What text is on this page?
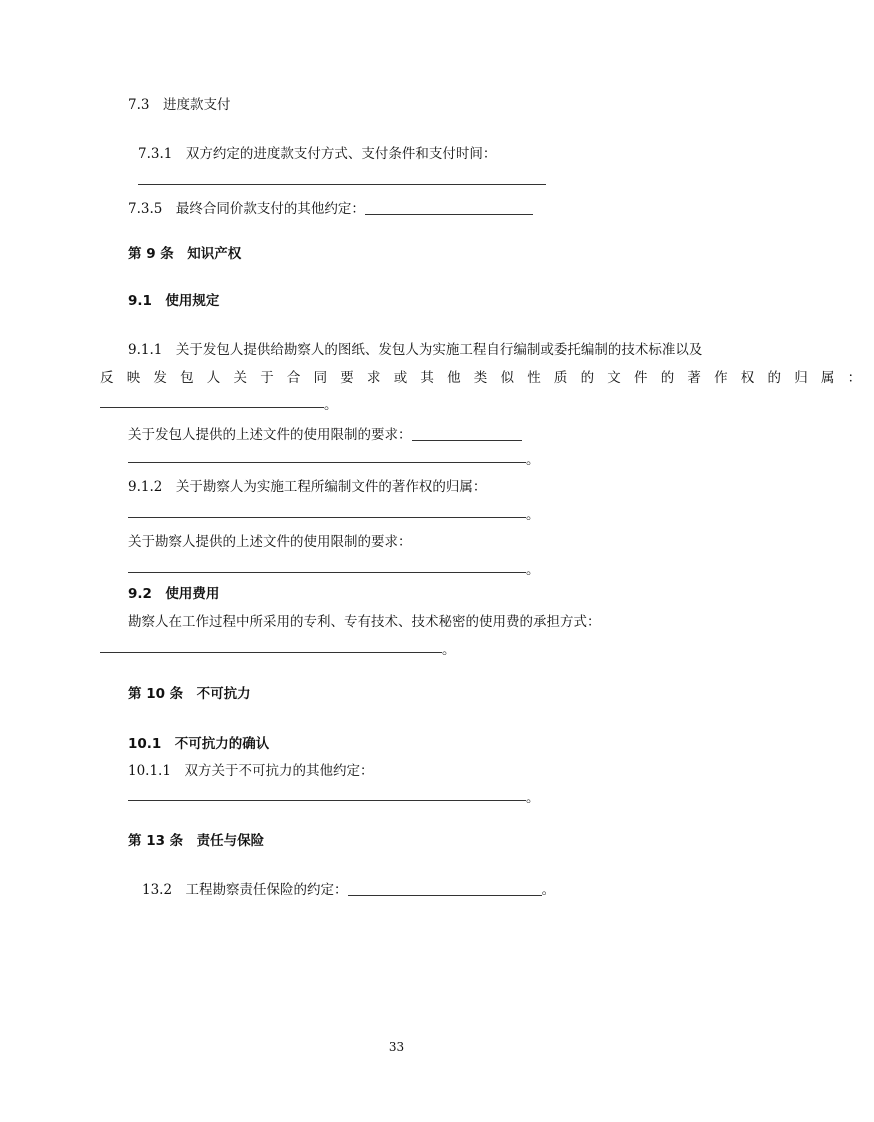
7.3　进度款支付
7.3.1　双方约定的进度款支付方式、支付条件和支付时间：
7.3.5　最终合同价款支付的其他约定：
第 9 条　知识产权
9.1　使用规定
9.1.1　关于发包人提供给勘察人的图纸、发包人为实施工程自行编制或委托编制的技术标准以及
反映发包人关于合同要求或其他类似性质的文件的著作权的归属：
。
关于发包人提供的上述文件的使用限制的要求：
。
9.1.2　关于勘察人为实施工程所编制文件的著作权的归属：
。
关于勘察人提供的上述文件的使用限制的要求：
。
9.2　使用费用
勘察人在工作过程中所采用的专利、专有技术、技术秘密的使用费的承担方式：
。
第 10 条　不可抗力
10.1　不可抗力的确认
10.1.1　双方关于不可抗力的其他约定：
。
第 13 条　责任与保险
13.2　工程勘察责任保险的约定：	。
33
